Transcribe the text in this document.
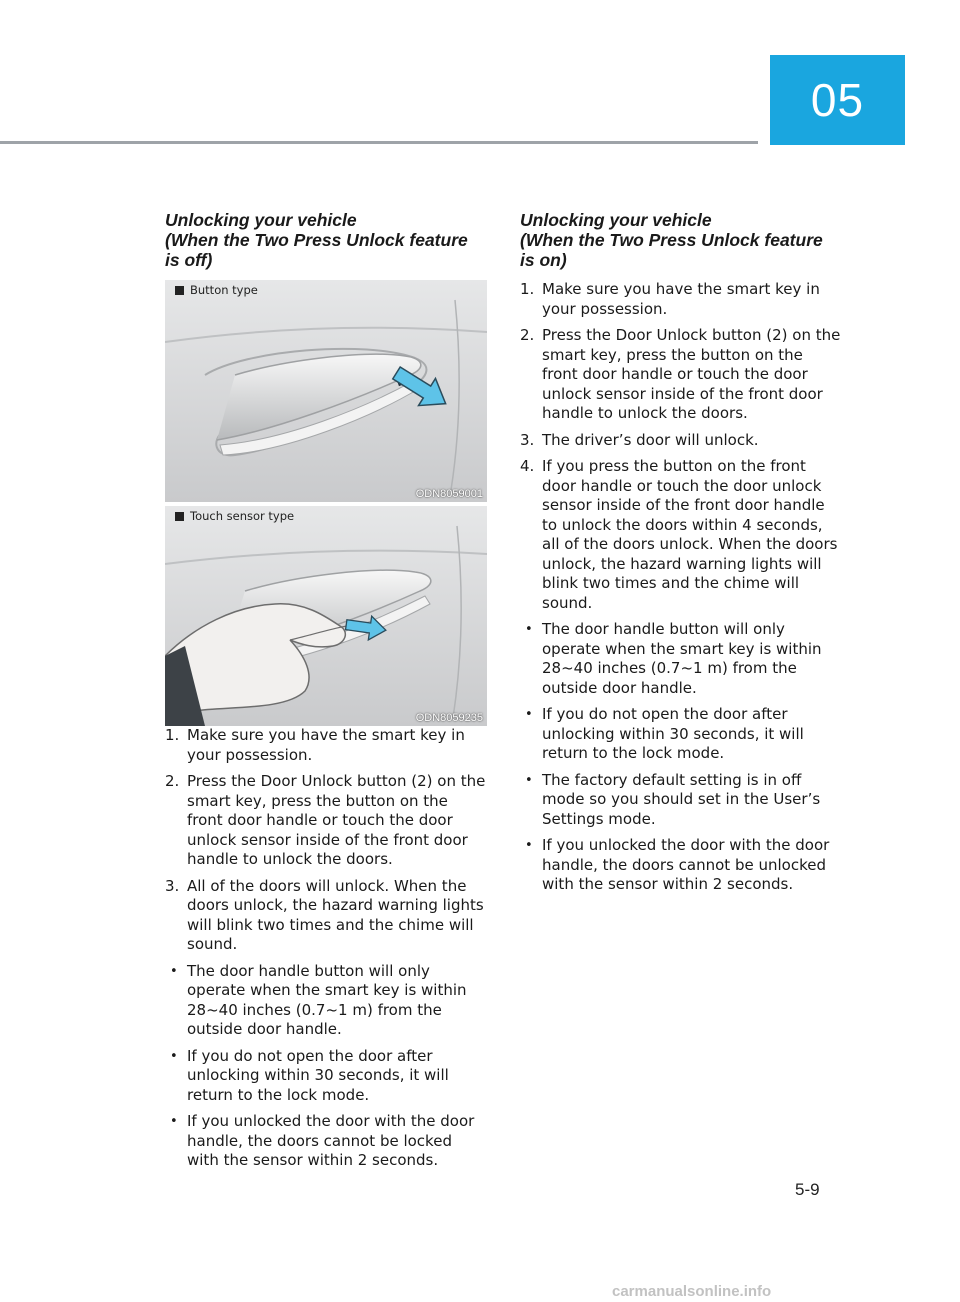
05
Unlocking your vehicle
(When the Two Press Unlock feature
is off)
Button type
ODN8059001
Touch sensor type
ODN8059235
1. Make sure you have the smart key in your possession.
2. Press the Door Unlock button (2) on the smart key, press the button on the front door handle or touch the door unlock sensor inside of the front door handle to unlock the doors.
3. All of the doors will unlock. When the doors unlock, the hazard warning lights will blink two times and the chime will sound.
• The door handle button will only operate when the smart key is within 28~40 inches (0.7~1 m) from the outside door handle.
• If you do not open the door after unlocking within 30 seconds, it will return to the lock mode.
• If you unlocked the door with the door handle, the doors cannot be locked with the sensor within 2 seconds.
Unlocking your vehicle
(When the Two Press Unlock feature
is on)
1. Make sure you have the smart key in your possession.
2. Press the Door Unlock button (2) on the smart key, press the button on the front door handle or touch the door unlock sensor inside of the front door handle to unlock the doors.
3. The driver’s door will unlock.
4. If you press the button on the front door handle or touch the door unlock sensor inside of the front door handle to unlock the doors within 4 seconds, all of the doors unlock. When the doors unlock, the hazard warning lights will blink two times and the chime will sound.
• The door handle button will only operate when the smart key is within 28~40 inches (0.7~1 m) from the outside door handle.
• If you do not open the door after unlocking within 30 seconds, it will return to the lock mode.
• The factory default setting is in off mode so you should set in the User’s Settings mode.
• If you unlocked the door with the door handle, the doors cannot be unlocked with the sensor within 2 seconds.
5-9
carmanualsonline.info
